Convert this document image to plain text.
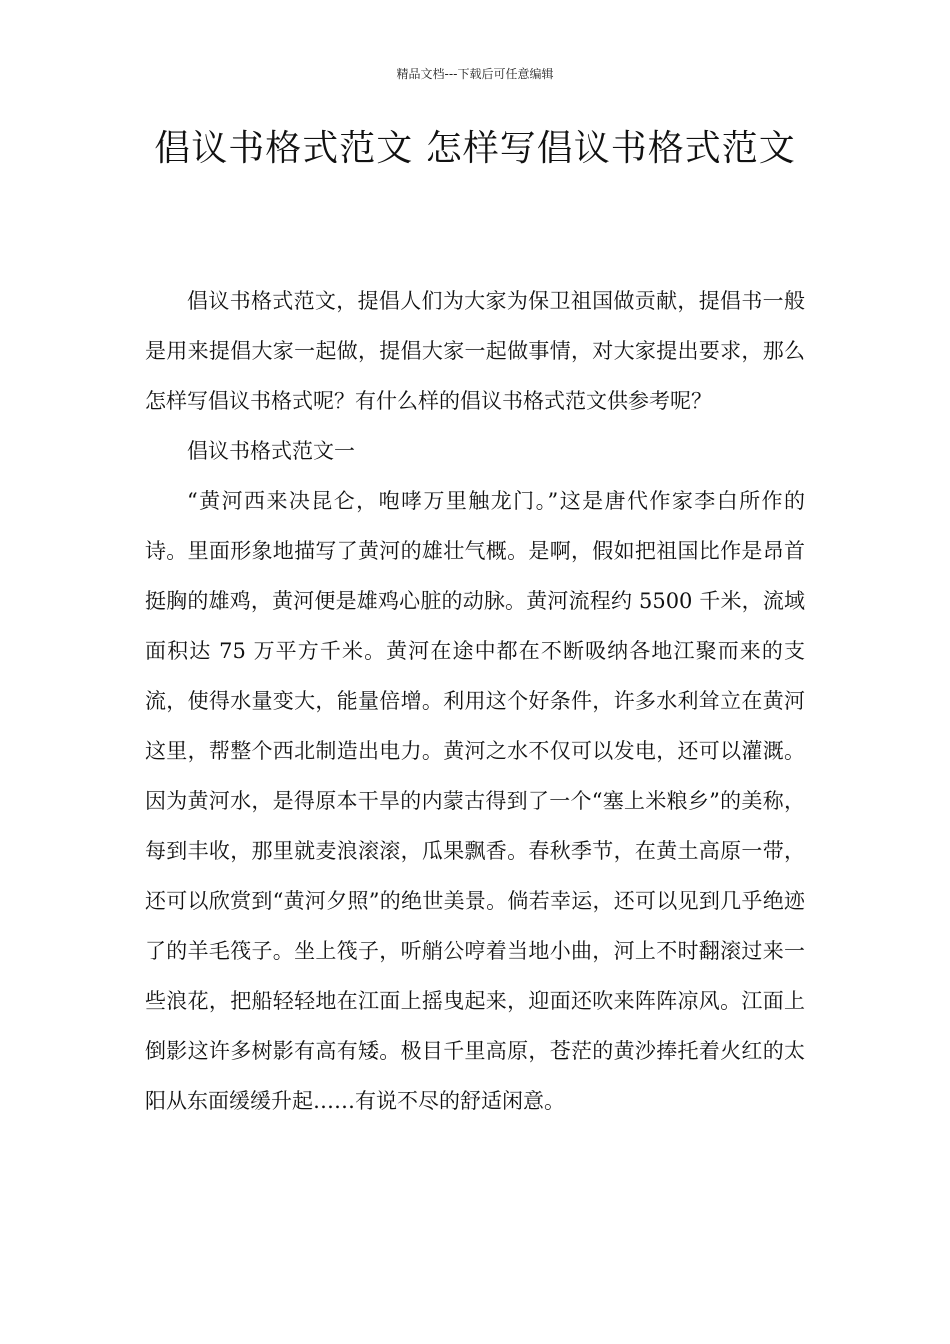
精品文档---下载后可任意编辑
倡议书格式范文 怎样写倡议书格式范文

倡议书格式范文，提倡人们为大家为保卫祖国做贡献，提倡书一般是用来提倡大家一起做，提倡大家一起做事情，对大家提出要求，那么怎样写倡议书格式呢？有什么样的倡议书格式范文供参考呢？

倡议书格式范文一

“黄河西来决昆仑，咆哮万里触龙门。”这是唐代作家李白所作的诗。里面形象地描写了黄河的雄壮气概。是啊，假如把祖国比作是昂首挺胸的雄鸡，黄河便是雄鸡心脏的动脉。黄河流程约 5500 千米，流域面积达 75 万平方千米。黄河在途中都在不断吸纳各地江聚而来的支流，使得水量变大，能量倍增。利用这个好条件，许多水利耸立在黄河这里，帮整个西北制造出电力。黄河之水不仅可以发电，还可以灌溉。因为黄河水，是得原本干旱的内蒙古得到了一个“塞上米粮乡”的美称，每到丰收，那里就麦浪滚滚，瓜果飘香。春秋季节，在黄土高原一带，还可以欣赏到“黄河夕照”的绝世美景。倘若幸运，还可以见到几乎绝迹了的羊毛筏子。坐上筏子，听艄公哼着当地小曲，河上不时翻滚过来一些浪花，把船轻轻地在江面上摇曳起来，迎面还吹来阵阵凉风。江面上倒影这许多树影有高有矮。极目千里高原，苍茫的黄沙捧托着火红的太阳从东面缓缓升起……有说不尽的舒适闲意。
